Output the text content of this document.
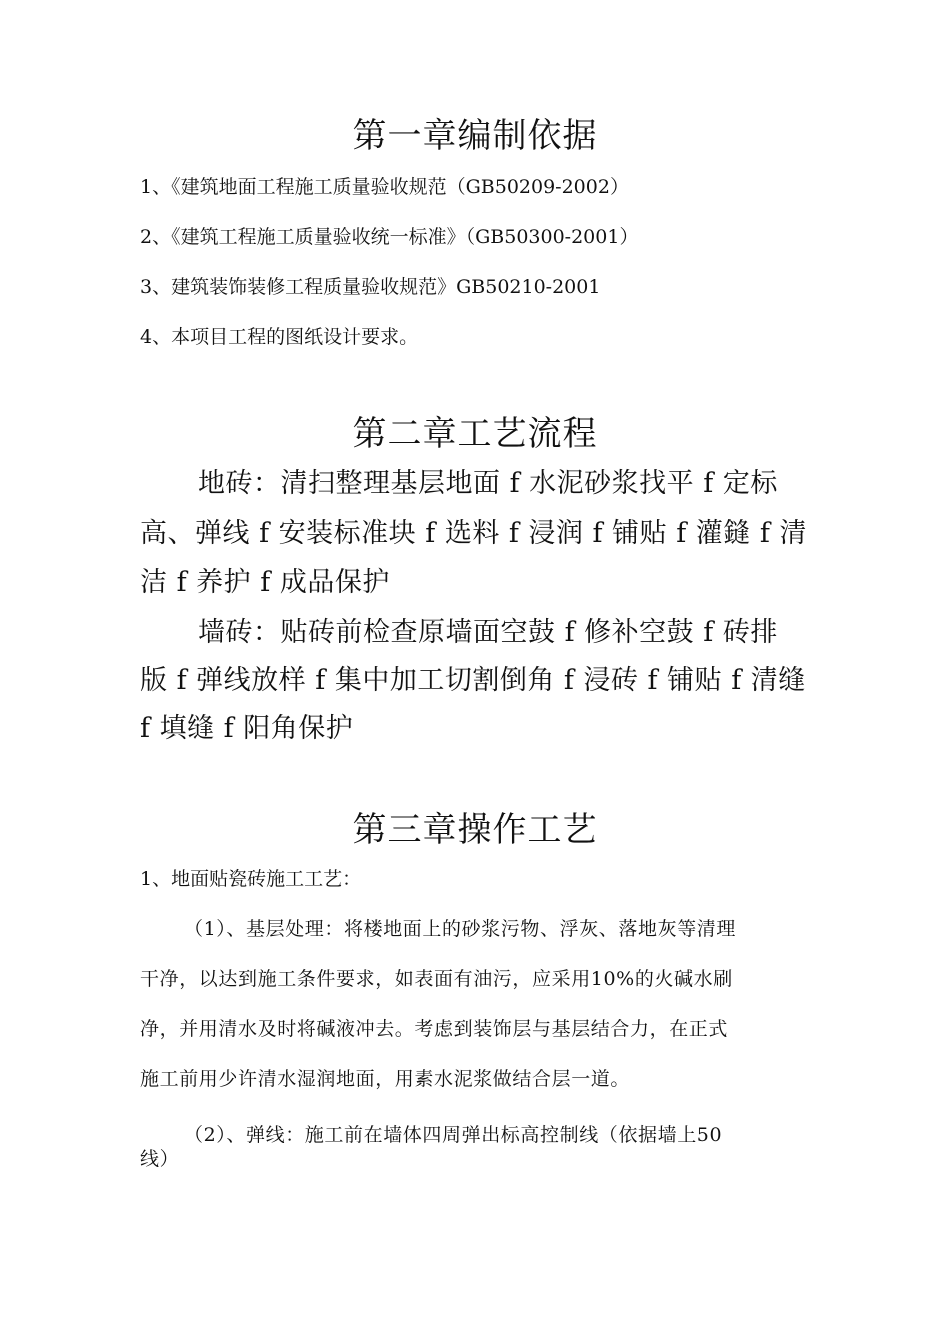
第一章编制依据
1、《建筑地面工程施工质量验收规范（GB50209-2002）
2、《建筑工程施工质量验收统一标准》（GB50300-2001）
3、建筑装饰装修工程质量验收规范》GB50210-2001
4、本项目工程的图纸设计要求。
第二章工艺流程
地砖：清扫整理基层地面 f 水泥砂浆找平 f 定标
高、弹线 f 安装标准块 f 选料 f 浸润 f 铺贴 f 灌鏠 f 清
洁 f 养护 f 成品保护
墙砖：贴砖前检查原墙面空鼓 f 修补空鼓 f 砖排
版 f 弹线放样 f 集中加工切割倒角 f 浸砖 f 铺贴 f 清缝
f 填缝 f 阳角保护
第三章操作工艺
1、地面贴瓷砖施工工艺：
（1）、基层处理：将楼地面上的砂浆污物、浮灰、落地灰等清理
干净，以达到施工条件要求，如表面有油污，应采用10%的火碱水刷
净，并用清水及时将碱液冲去。考虑到装饰层与基层结合力，在正式
施工前用少许清水湿润地面，用素水泥浆做结合层一道。
（2）、弹线：施工前在墙体四周弹出标高控制线（依据墙上50
线）
